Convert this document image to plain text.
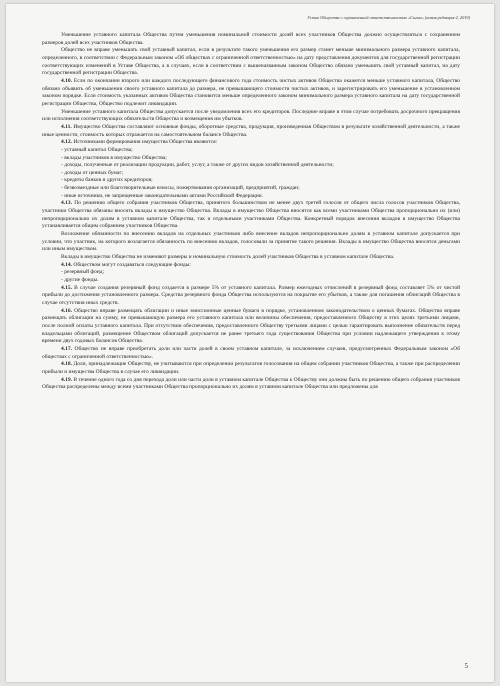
Устав Общества с ограниченной ответственностью «Сигма» (новая редакция-2, 2019)

Уменьшение уставного капитала Общества путем уменьшения номинальной стоимости долей всех участников Общества должно осуществляться с сохранением размеров долей всех участников Общества.

Общество не вправе уменьшать свой уставный капитал, если в результате такого уменьшения его размер станет меньше минимального размера уставного капитала, определенного, в соответствии с Федеральным законом «Об обществах с ограниченной ответственностью» на дату представления документов для государственной регистрации соответствующих изменений в Уставе Общества, а в случаях, если в соответствии с вышеназванным законом Общество обязано уменьшить свой уставный капитал, на дату государственной регистрации Общества.

4.10. Если по окончании второго или каждого последующего финансового года стоимость чистых активов Общества окажется меньше уставного капитала, Общество обязано объявить об уменьшении своего уставного капитала до размера, не превышающего стоимости чистых активов, и зарегистрировать его уменьшение в установленном законом порядке. Если стоимость указанных активов Общества становится меньше определенного законом минимального размера уставного капитала на дату государственной регистрации Общества, Общество подлежит ликвидации.

Уменьшение уставного капитала Общества допускается после уведомления всех его кредиторов. Последние вправе в этом случае потребовать досрочного прекращения или исполнения соответствующих обязательств Общества и возмещения им убытков.

4.11. Имущество Общества составляют основные фонды, оборотные средства, продукция, произведенная Обществом в результате хозяйственной деятельности, а также иные ценности, стоимость которых отражается на самостоятельном балансе Общества.

4.12. Источниками формирования имущества Общества являются:

- уставный капитал Общества;

- вклады участников в имущество Общества;

- доходы, полученные от реализации продукции, работ, услуг, а также от других видов хозяйственной деятельности;

- доходы от ценных бумаг;

- кредиты банков и других кредиторов;

- безвозмездные или благотворительные взносы, пожертвования организаций, предприятий, граждан;

- иные источники, не запрещенные законодательными актами Российской Федерации.

4.13. По решению общего собрания участников Общества, принятого большинством не менее двух третей голосов от общего числа голосов участников Общества, участники Общества обязаны вносить вклады в имущество Общества. Вклады в имущество Общества вносятся как всеми участниками Общества пропорционально их (или) непропорционально их долям в уставном капитале Общества, так и отдельными участниками Общества. Конкретный порядок внесения вкладов в имущество Общества устанавливается общим собранием участников Общества.

Возложение обязанности по внесению вкладов на отдельных участников либо внесение вкладов непропорционально долям в уставном капитале допускается при условии, что участник, на которого возлагается обязанность по внесению вкладов, голосовали за принятие такого решения. Вклады в имущество Общества вносятся деньгами или иным имуществом.

Вклады в имущество Общества не изменяют размеры и номинальную стоимость долей участников Общества в уставном капитале Общества.

4.14. Обществом могут создаваться следующие фонды:

- резервный фонд;

- другие фонды.

4.15. В случае создания резервный фонд создается в размере 5% от уставного капитала. Размер ежегодных отчислений в резервный фонд составляет 5% от чистой прибыли до достижения установленного размера. Средства резервного фонда Общества используются на покрытие его убытков, а также для погашения облигаций Общества в случае отсутствия иных средств.

4.16. Общество вправе размещать облигации и иные эмиссионные ценные бумаги в порядке, установленном законодательством о ценных бумагах. Общество вправе размещать облигации на сумму, не превышающую размера его уставного капитала или величины обеспечения, предоставленного Обществу в этих целях третьими лицами, после полной оплаты уставного капитала. При отсутствии обеспечения, предоставленного Обществу третьими лицами с целью гарантировать выполнение обязательств перед владельцами облигаций, размещение Обществом облигаций допускается не ранее третьего года существования Общества при условии надлежащего утверждения к этому времени двух годовых балансов Общества.

4.17. Общество не вправе приобретать доли или части долей в своем уставном капитале, за исключением случаев, предусмотренных Федеральным законом «Об обществах с ограниченной ответственностью».

4.18. Доли, принадлежащие Обществу, не учитываются при определении результатов голосования на общем собрании участников Общества, а также при распределении прибыли и имущества Общества в случае его ликвидации.

4.19. В течение одного года со дня перехода доли или части доли в уставном капитале Общества к Обществу они должны быть по решению общего собрания участников Общества распределены между всеми участниками Общества пропорционально их долям в уставном капитале Общества или предложены для

5
